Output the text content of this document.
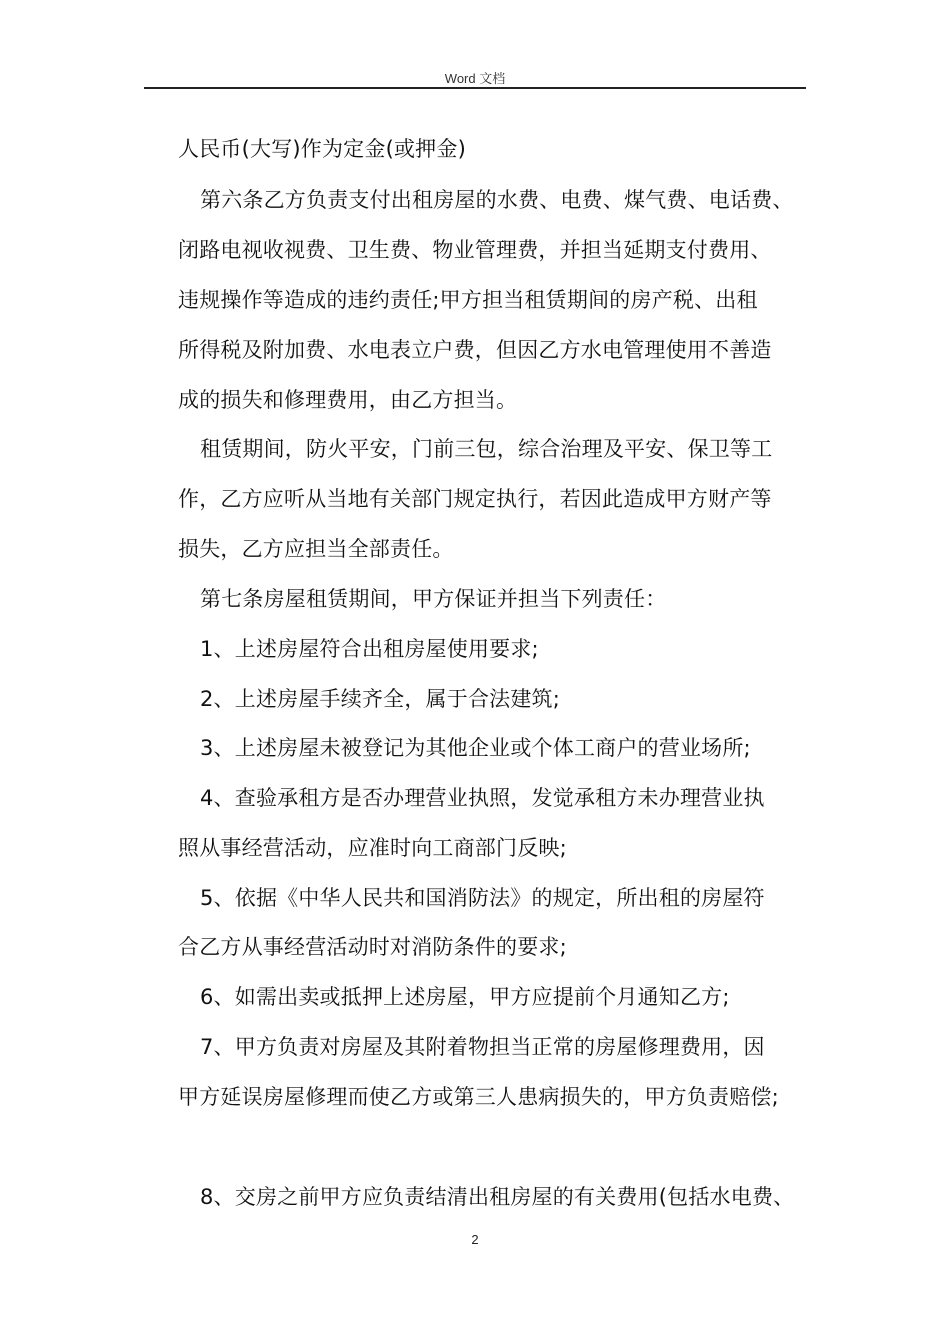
Word 文档
人民币(大写)作为定金(或押金)
第六条乙方负责支付出租房屋的水费、电费、煤气费、电话费、
闭路电视收视费、卫生费、物业管理费，并担当延期支付费用、
违规操作等造成的违约责任;甲方担当租赁期间的房产税、出租
所得税及附加费、水电表立户费，但因乙方水电管理使用不善造
成的损失和修理费用，由乙方担当。
租赁期间，防火平安，门前三包，综合治理及平安、保卫等工
作，乙方应听从当地有关部门规定执行，若因此造成甲方财产等
损失，乙方应担当全部责任。
第七条房屋租赁期间，甲方保证并担当下列责任：
1、上述房屋符合出租房屋使用要求;
2、上述房屋手续齐全，属于合法建筑;
3、上述房屋未被登记为其他企业或个体工商户的营业场所;
4、查验承租方是否办理营业执照，发觉承租方未办理营业执
照从事经营活动，应准时向工商部门反映;
5、依据《中华人民共和国消防法》的规定，所出租的房屋符
合乙方从事经营活动时对消防条件的要求;
6、如需出卖或抵押上述房屋，甲方应提前个月通知乙方;
7、甲方负责对房屋及其附着物担当正常的房屋修理费用，因
甲方延误房屋修理而使乙方或第三人患病损失的，甲方负责赔偿;
8、交房之前甲方应负责结清出租房屋的有关费用(包括水电费、
2
